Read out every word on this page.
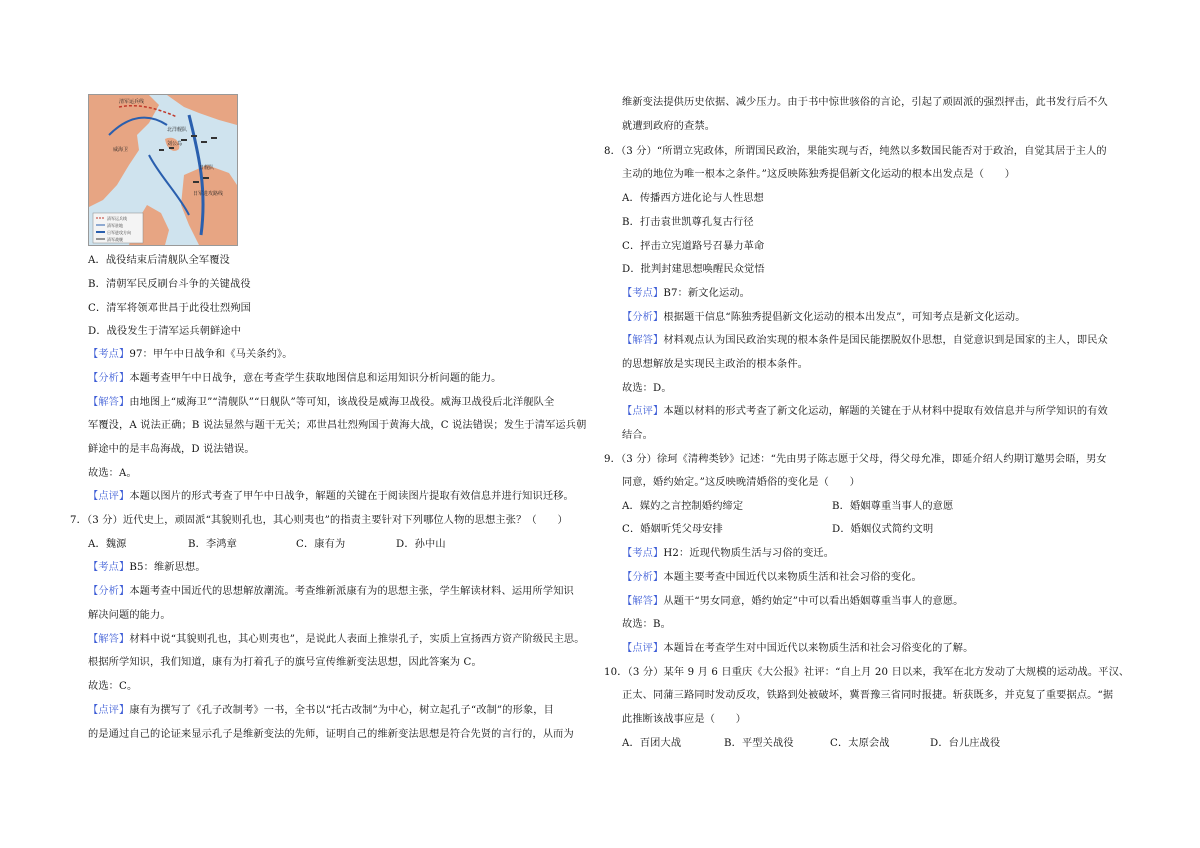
清军运兵线
清军驻地
日军进攻方向
清军战舰
威海卫
北洋舰队
刘公岛
日舰队
清军运兵线
日军进攻路线
A．战役结束后清舰队全军覆没
B．清朝军民反刷台斗争的关键战役
C．清军将领邓世昌于此役壮烈殉国
D．战役发生于清军运兵朝鲜途中
【考点】97：甲午中日战争和《马关条约》。
【分析】本题考查甲午中日战争，意在考查学生获取地图信息和运用知识分析问题的能力。
【解答】由地图上“威海卫”“清舰队”“日舰队”等可知，该战役是威海卫战役。威海卫战役后北洋舰队全
军覆没，A 说法正确；B 说法显然与题干无关；邓世昌壮烈殉国于黄海大战，C 说法错误；发生于清军运兵朝
鲜途中的是丰岛海战，D 说法错误。
故选：A。
【点评】本题以图片的形式考查了甲午中日战争，解题的关键在于阅读图片提取有效信息并进行知识迁移。
7．（3 分）近代史上，顽固派“其貌则孔也，其心则夷也”的指责主要针对下列哪位人物的思想主张？（　　）
A．魏源	B．李鸿章	C．康有为	D．孙中山
【考点】B5：维新思想。
【分析】本题考查中国近代的思想解放潮流。考查维新派康有为的思想主张，学生解读材料、运用所学知识
解决问题的能力。
【解答】材料中说“其貌则孔也，其心则夷也”，是说此人表面上推崇孔子，实质上宣扬西方资产阶级民主思。
根据所学知识，我们知道，康有为打着孔子的旗号宣传维新变法思想，因此答案为 C。
故选：C。
【点评】康有为撰写了《孔子改制考》一书，全书以“托古改制”为中心，树立起孔子“改制”的形象，目
的是通过自己的论证来显示孔子是维新变法的先师，证明自己的维新变法思想是符合先贤的言行的，从而为
维新变法提供历史依据、减少压力。由于书中惊世骇俗的言论，引起了顽固派的强烈抨击，此书发行后不久
就遭到政府的查禁。
8．（3 分）“所谓立宪政体，所谓国民政治，果能实现与否，纯然以多数国民能否对于政治，自觉其居于主人的
主动的地位为唯一根本之条件。”这反映陈独秀提倡新文化运动的根本出发点是（　　）
A．传播西方进化论与人性思想
B．打击袁世凯尊孔复古行径
C．抨击立宪道路号召暴力革命
D．批判封建思想唤醒民众觉悟
【考点】B7：新文化运动。
【分析】根据题干信息“陈独秀提倡新文化运动的根本出发点”，可知考点是新文化运动。
【解答】材料观点认为国民政治实现的根本条件是国民能摆脱奴仆思想，自觉意识到是国家的主人，即民众
的思想解放是实现民主政治的根本条件。
故选：D。
【点评】本题以材料的形式考查了新文化运动，解题的关键在于从材料中提取有效信息并与所学知识的有效
结合。
9．（3 分）徐珂《清稗类钞》记述：“先由男子陈志愿于父母，得父母允准，即延介绍人约期订邀男会晤，男女
同意，婚约始定。”这反映晚清婚俗的变化是（　　）
A．媒妁之言控制婚约缔定	B．婚姻尊重当事人的意愿
C．婚姻听凭父母安排	D．婚姻仪式简约文明
【考点】H2：近现代物质生活与习俗的变迁。
【分析】本题主要考查中国近代以来物质生活和社会习俗的变化。
【解答】从题干“男女同意，婚约始定”中可以看出婚姻尊重当事人的意愿。
故选：B。
【点评】本题旨在考查学生对中国近代以来物质生活和社会习俗变化的了解。
10．（3 分）某年 9 月 6 日重庆《大公报》社评：“自上月 20 日以来，我军在北方发动了大规模的运动战。平汉、
正太、同蒲三路同时发动反攻，铁路到处被破坏，冀晋豫三省同时报捷。斩获既多，并克复了重要据点。“据
此推断该战事应是（　　）
A．百团大战	B．平型关战役	C．太原会战	D．台儿庄战役
